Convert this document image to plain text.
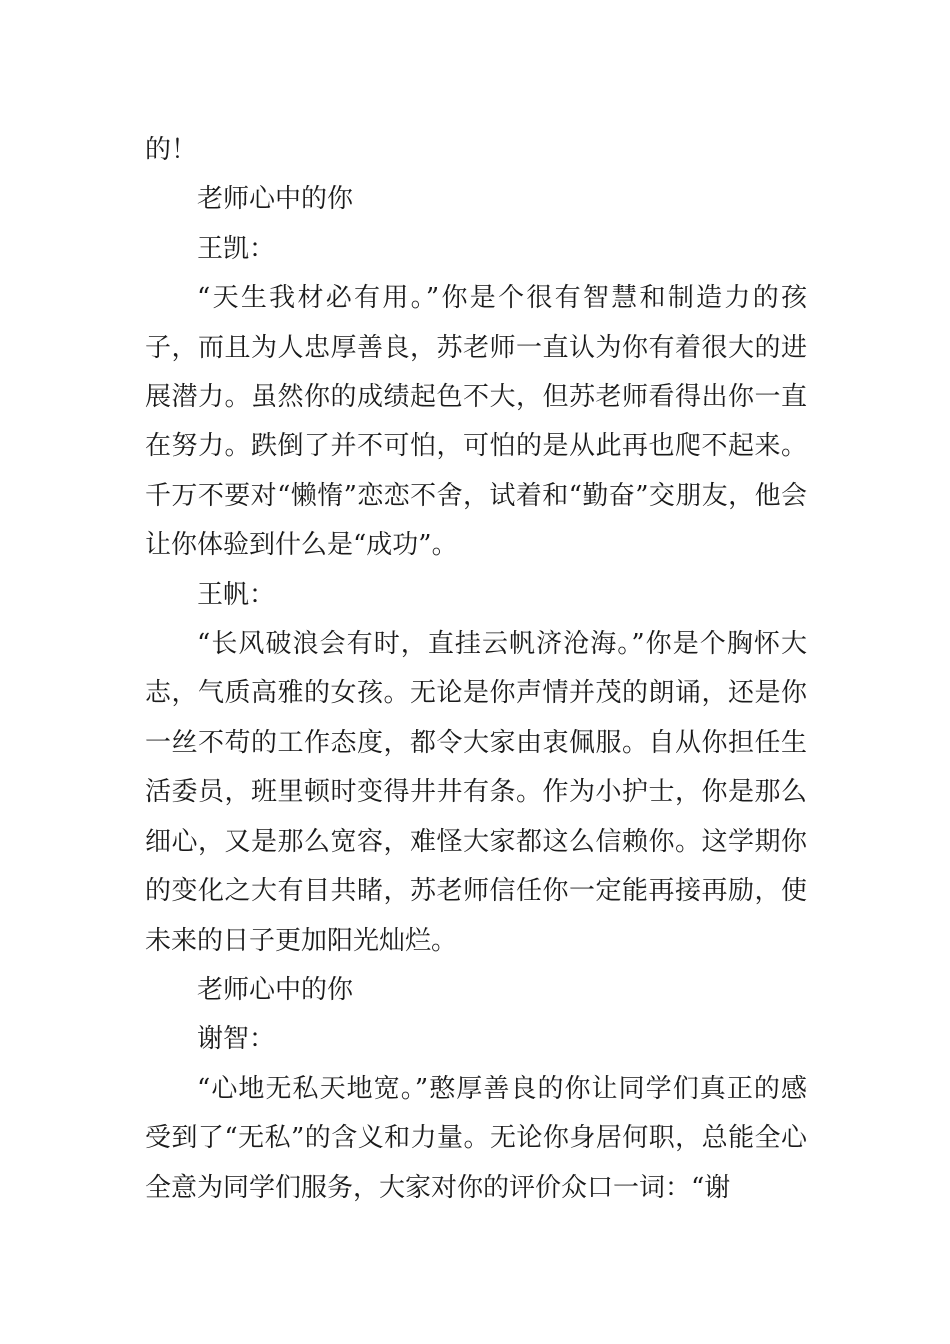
的！

老师心中的你

王凯：

“天生我材必有用。”你是个很有智慧和制造力的孩子，而且为人忠厚善良，苏老师一直认为你有着很大的进展潜力。虽然你的成绩起色不大，但苏老师看得出你一直在努力。跌倒了并不可怕，可怕的是从此再也爬不起来。千万不要对“懒惰”恋恋不舍，试着和“勤奋”交朋友，他会让你体验到什么是“成功”。

王帆：

“长风破浪会有时，直挂云帆济沧海。”你是个胸怀大志，气质高雅的女孩。无论是你声情并茂的朗诵，还是你一丝不苟的工作态度，都令大家由衷佩服。自从你担任生活委员，班里顿时变得井井有条。作为小护士，你是那么细心，又是那么宽容，难怪大家都这么信赖你。这学期你的变化之大有目共睹，苏老师信任你一定能再接再励，使未来的日子更加阳光灿烂。

老师心中的你

谢智：

“心地无私天地宽。”憨厚善良的你让同学们真正的感受到了“无私”的含义和力量。无论你身居何职，总能全心全意为同学们服务，大家对你的评价众口一词：“谢
